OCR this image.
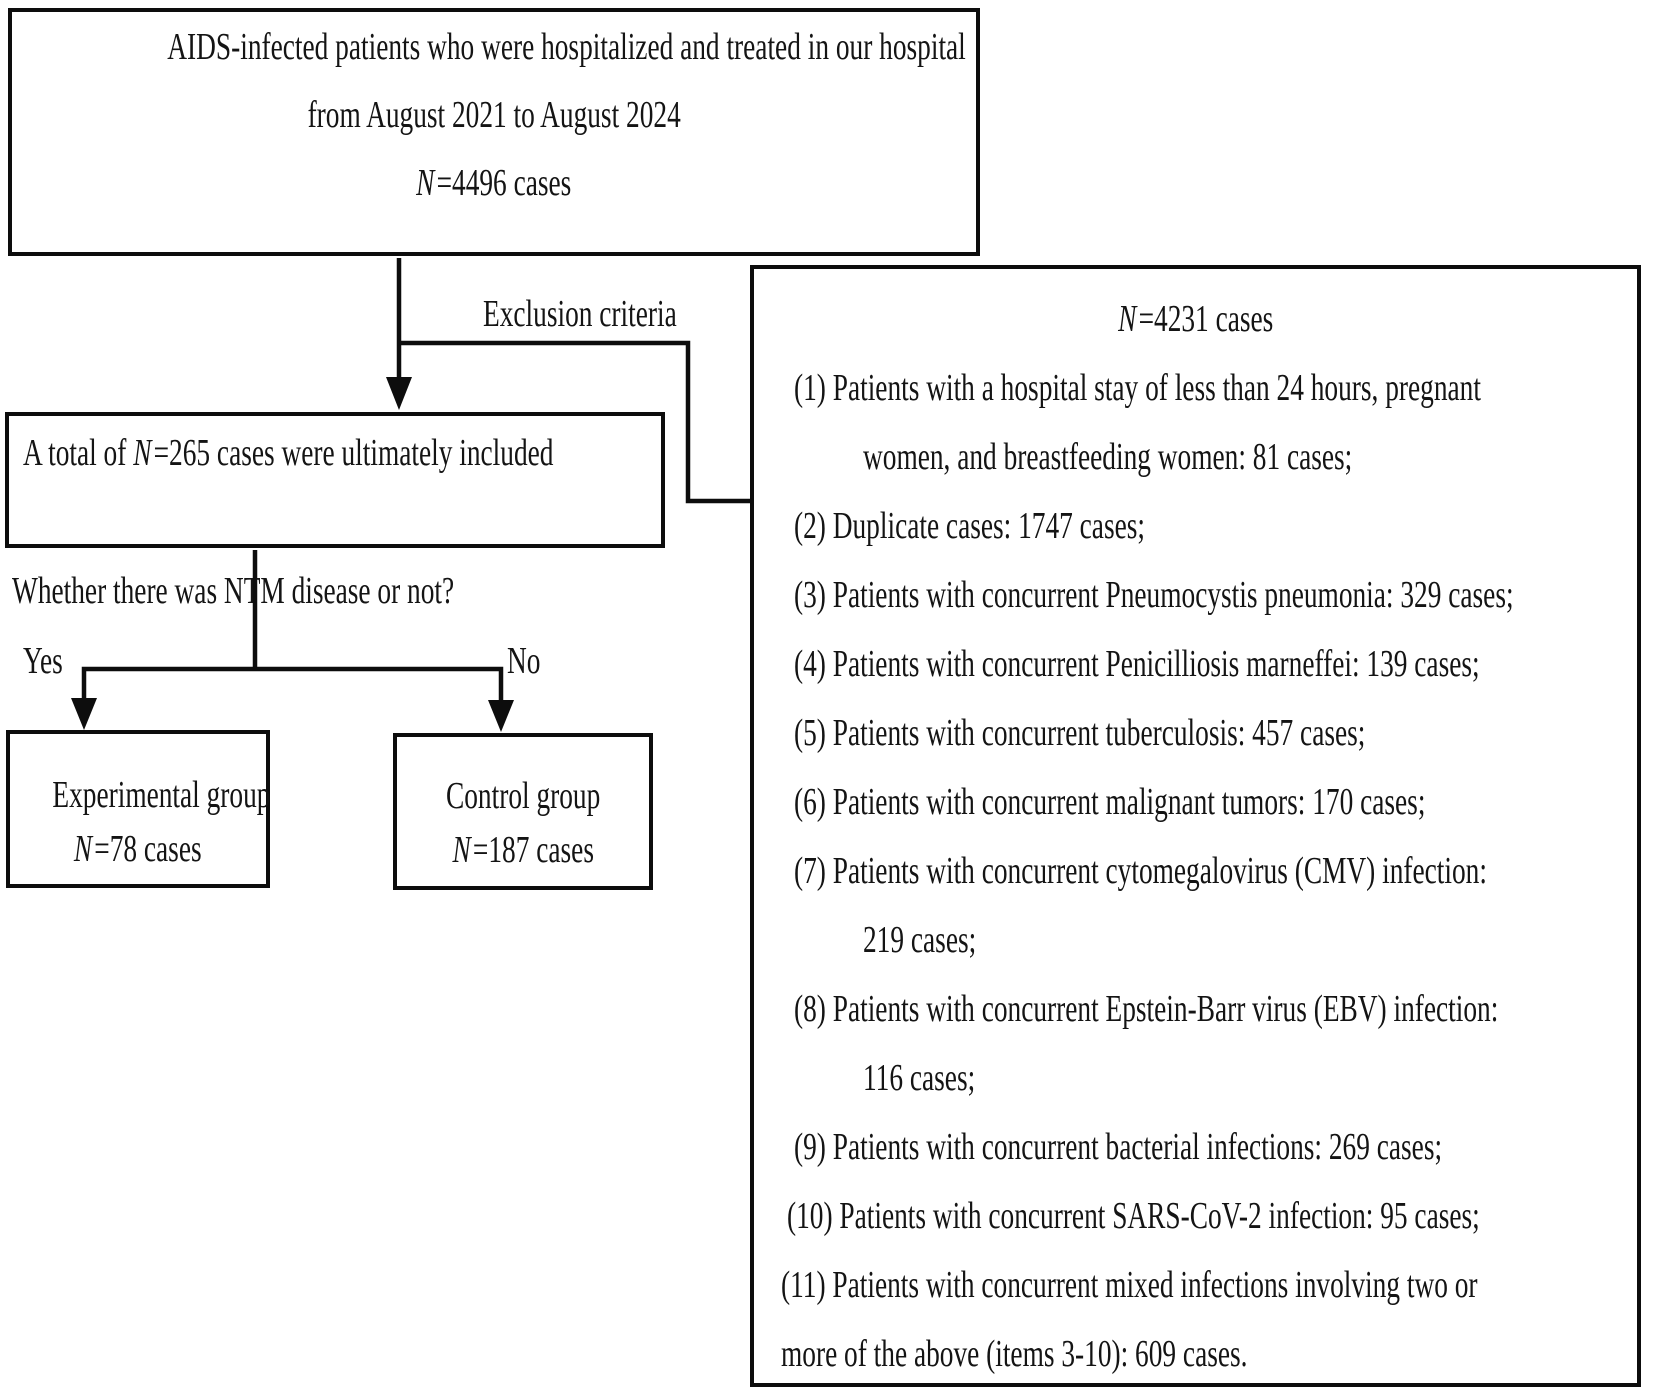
AIDS-infected patients who were hospitalized and treated in our hospital
from August 2021 to August 2024
N=4496 cases
Exclusion criteria
A total of N=265 cases were ultimately included
Whether there was NTM disease or not?
Yes	No
Experimental group
N=78 cases
Control group
N=187 cases
N=4231 cases
(1) Patients with a hospital stay of less than 24 hours, pregnant
women, and breastfeeding women: 81 cases;
(2) Duplicate cases: 1747 cases;
(3) Patients with concurrent Pneumocystis pneumonia: 329 cases;
(4) Patients with concurrent Penicilliosis marneffei: 139 cases;
(5) Patients with concurrent tuberculosis: 457 cases;
(6) Patients with concurrent malignant tumors: 170 cases;
(7) Patients with concurrent cytomegalovirus (CMV) infection:
219 cases;
(8) Patients with concurrent Epstein-Barr virus (EBV) infection:
116 cases;
(9) Patients with concurrent bacterial infections: 269 cases;
(10) Patients with concurrent SARS-CoV-2 infection: 95 cases;
(11) Patients with concurrent mixed infections involving two or
more of the above (items 3-10): 609 cases.
